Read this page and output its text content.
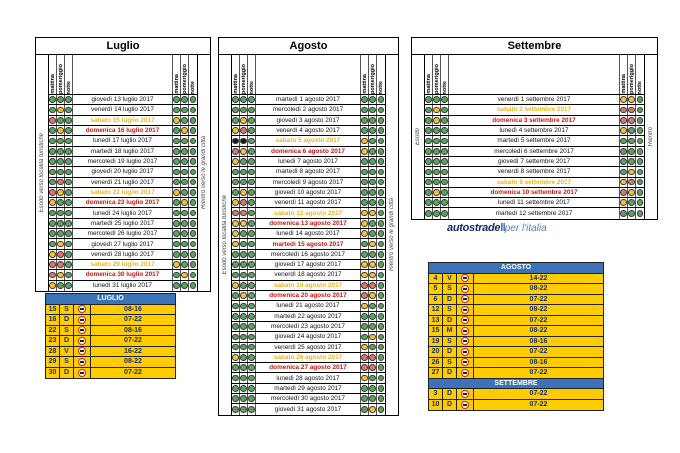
Luglio
Esodo verso località turistiche
mattina pomeriggio notte	mattina pomeriggio notte
giovedì 13 luglio 2017
venerdì 14 luglio 2017
sabato 15 luglio 2017
domenica 16 luglio 2017
lunedì 17 luglio 2017
martedì 18 luglio 2017
mercoledì 19 luglio 2017
giovedì 20 luglio 2017
venerdì 21 luglio 2017
sabato 22 luglio 2017
domenica 23 luglio 2017
lunedì 24 luglio 2017
martedì 25 luglio 2017
mercoledì 26 luglio 2017
giovedì 27 luglio 2017
venerdì 28 luglio 2017
sabato 29 luglio 2017
domenica 30 luglio 2017
lunedì 31 luglio 2017
Rientro verso le grandi città
Agosto
Esodo verso località turistiche
mattina pomeriggio notte	mattina pomeriggio notte
martedì 1 agosto 2017
mercoledì 2 agosto 2017
giovedì 3 agosto 2017
venerdì 4 agosto 2017
sabato 5 agosto 2017
domenica 6 agosto 2017
lunedì 7 agosto 2017
martedì 8 agosto 2017
mercoledì 9 agosto 2017
giovedì 10 agosto 2017
venerdì 11 agosto 2017
sabato 12 agosto 2017
domenica 13 agosto 2017
lunedì 14 agosto 2017
martedì 15 agosto 2017
mercoledì 16 agosto 2017
giovedì 17 agosto 2017
venerdì 18 agosto 2017
sabato 19 agosto 2017
domenica 20 agosto 2017
lunedì 21 agosto 2017
martedì 22 agosto 2017
mercoledì 23 agosto 2017
giovedì 24 agosto 2017
venerdì 25 agosto 2017
sabato 26 agosto 2017
domenica 27 agosto 2017
lunedì 28 agosto 2017
martedì 29 agosto 2017
mercoledì 30 agosto 2017
giovedì 31 agosto 2017
Rientro verso le grandi città
Settembre
Esodo
mattina pomeriggio notte	mattina pomeriggio notte
venerdì 1 settembre 2017
sabato 2 settembre 2017
domenica 3 settembre 2017
lunedì 4 settembre 2017
martedì 5 settembre 2017
mercoledì 6 settembre 2017
giovedì 7 settembre 2017
venerdì 8 settembre 2017
sabato 9 settembre 2017
domenica 10 settembre 2017
lunedì 11 settembre 2017
martedì 12 settembre 2017
Rientro
autostrade‖per l'italia
LUGLIO
15	S	08-16
16	D	07-22
22	S	08-16
23	D	07-22
28	V	16-22
29	S	08-22
30	D	07-22
AGOSTO
4	V	14-22
5	S	08-22
6	D	07-22
12	S	08-22
13	D	07-22
15	M	08-22
19	S	08-16
20	D	07-22
26	S	08-16
27	D	07-22
SETTEMBRE
3	D	07-22
10	D	07-22
